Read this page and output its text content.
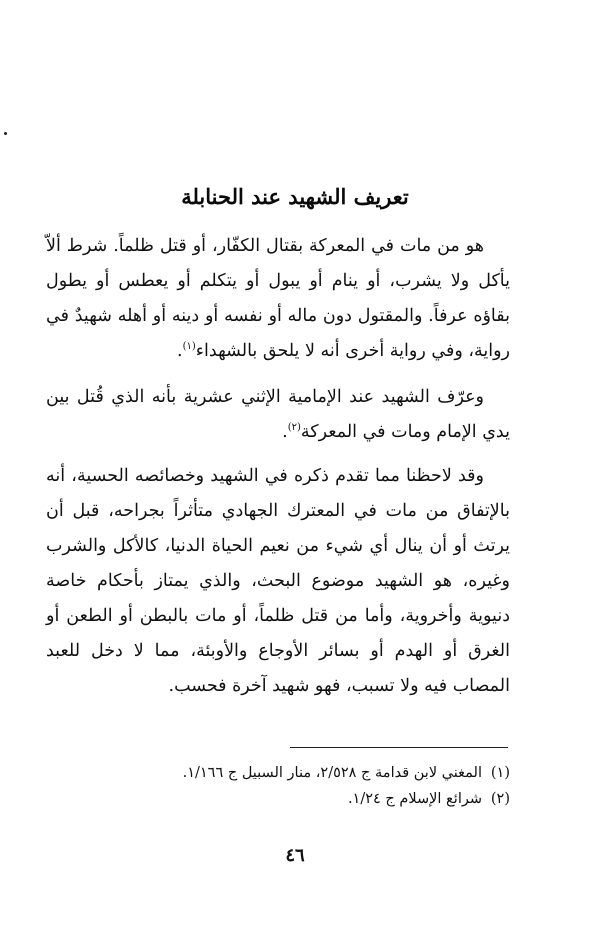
تعريف الشهيد عند الحنابلة

هو من مات في المعركة بقتال الكفّار، أو قتل ظلماً. شرط ألاّ يأكل ولا يشرب، أو ينام أو يبول أو يتكلم أو يعطس أو يطول بقاؤه عرفاً. والمقتول دون ماله أو نفسه أو دينه أو أهله شهيدٌ في رواية، وفي رواية أخرى أنه لا يلحق بالشهداء$^{(١)}$.

وعرّف الشهيد عند الإمامية الإثني عشرية بأنه الذي قُتل بين يدي الإمام ومات في المعركة$^{(٢)}$.

وقد لاحظنا مما تقدم ذكره في الشهيد وخصائصه الحسية، أنه بالإتفاق من مات في المعترك الجهادي متأثراً بجراحه، قبل أن يرتث أو أن ينال أي شيء من نعيم الحياة الدنيا، كالأكل والشرب وغيره، هو الشهيد موضوع البحث، والذي يمتاز بأحكام خاصة دنيوية وأخروية، وأما من قتل ظلماً، أو مات بالبطن أو الطعن أو الغرق أو الهدم أو بسائر الأوجاع والأوبئة، مما لا دخل للعبد المصاب فيه ولا تسبب، فهو شهيد آخرة فحسب.

(١)
المغني لابن قدامة ج ٢/٥٢٨، منار السبيل ج ١/١٦٦.
(٢)
شرائع الإسلام ج ١/٢٤.
٤٦
